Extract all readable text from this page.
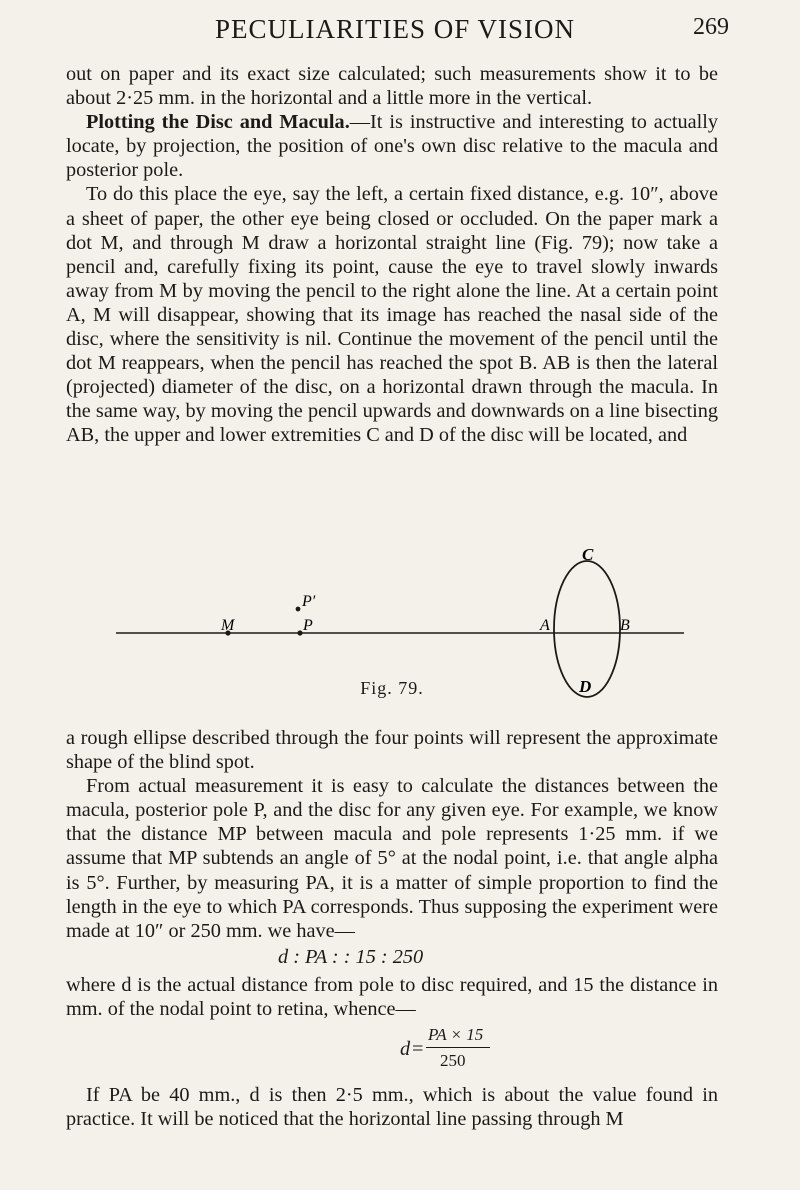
PECULIARITIES OF VISION	269

out on paper and its exact size calculated; such measurements show it to be about 2·25 mm. in the horizontal and a little more in the vertical.

Plotting the Disc and Macula.—It is instructive and interesting to actually locate, by projection, the position of one's own disc relative to the macula and posterior pole.

To do this place the eye, say the left, a certain fixed distance, e.g. 10″, above a sheet of paper, the other eye being closed or occluded. On the paper mark a dot M, and through M draw a horizontal straight line (Fig. 79); now take a pencil and, carefully fixing its point, cause the eye to travel slowly inwards away from M by moving the pencil to the right alone the line. At a certain point A, M will disappear, showing that its image has reached the nasal side of the disc, where the sensitivity is nil. Continue the movement of the pencil until the dot M reappears, when the pencil has reached the spot B. AB is then the lateral (projected) diameter of the disc, on a horizontal drawn through the macula. In the same way, by moving the pencil upwards and downwards on a line bisecting AB, the upper and lower extremities C and D of the disc will be located, and

C
D
M	P
P′
A	B
Fig. 79.

a rough ellipse described through the four points will represent the approximate shape of the blind spot.

From actual measurement it is easy to calculate the distances between the macula, posterior pole P, and the disc for any given eye. For example, we know that the distance MP between macula and pole represents 1·25 mm. if we assume that MP subtends an angle of 5° at the nodal point, i.e. that angle alpha is 5°. Further, by measuring PA, it is a matter of simple proportion to find the length in the eye to which PA corresponds. Thus supposing the experiment were made at 10″ or 250 mm. we have—

d : PA : : 15 : 250

where d is the actual distance from pole to disc required, and 15 the distance in mm. of the nodal point to retina, whence—

d =
PA × 15
250

If PA be 40 mm., d is then 2·5 mm., which is about the value found in practice. It will be noticed that the horizontal line passing through M
